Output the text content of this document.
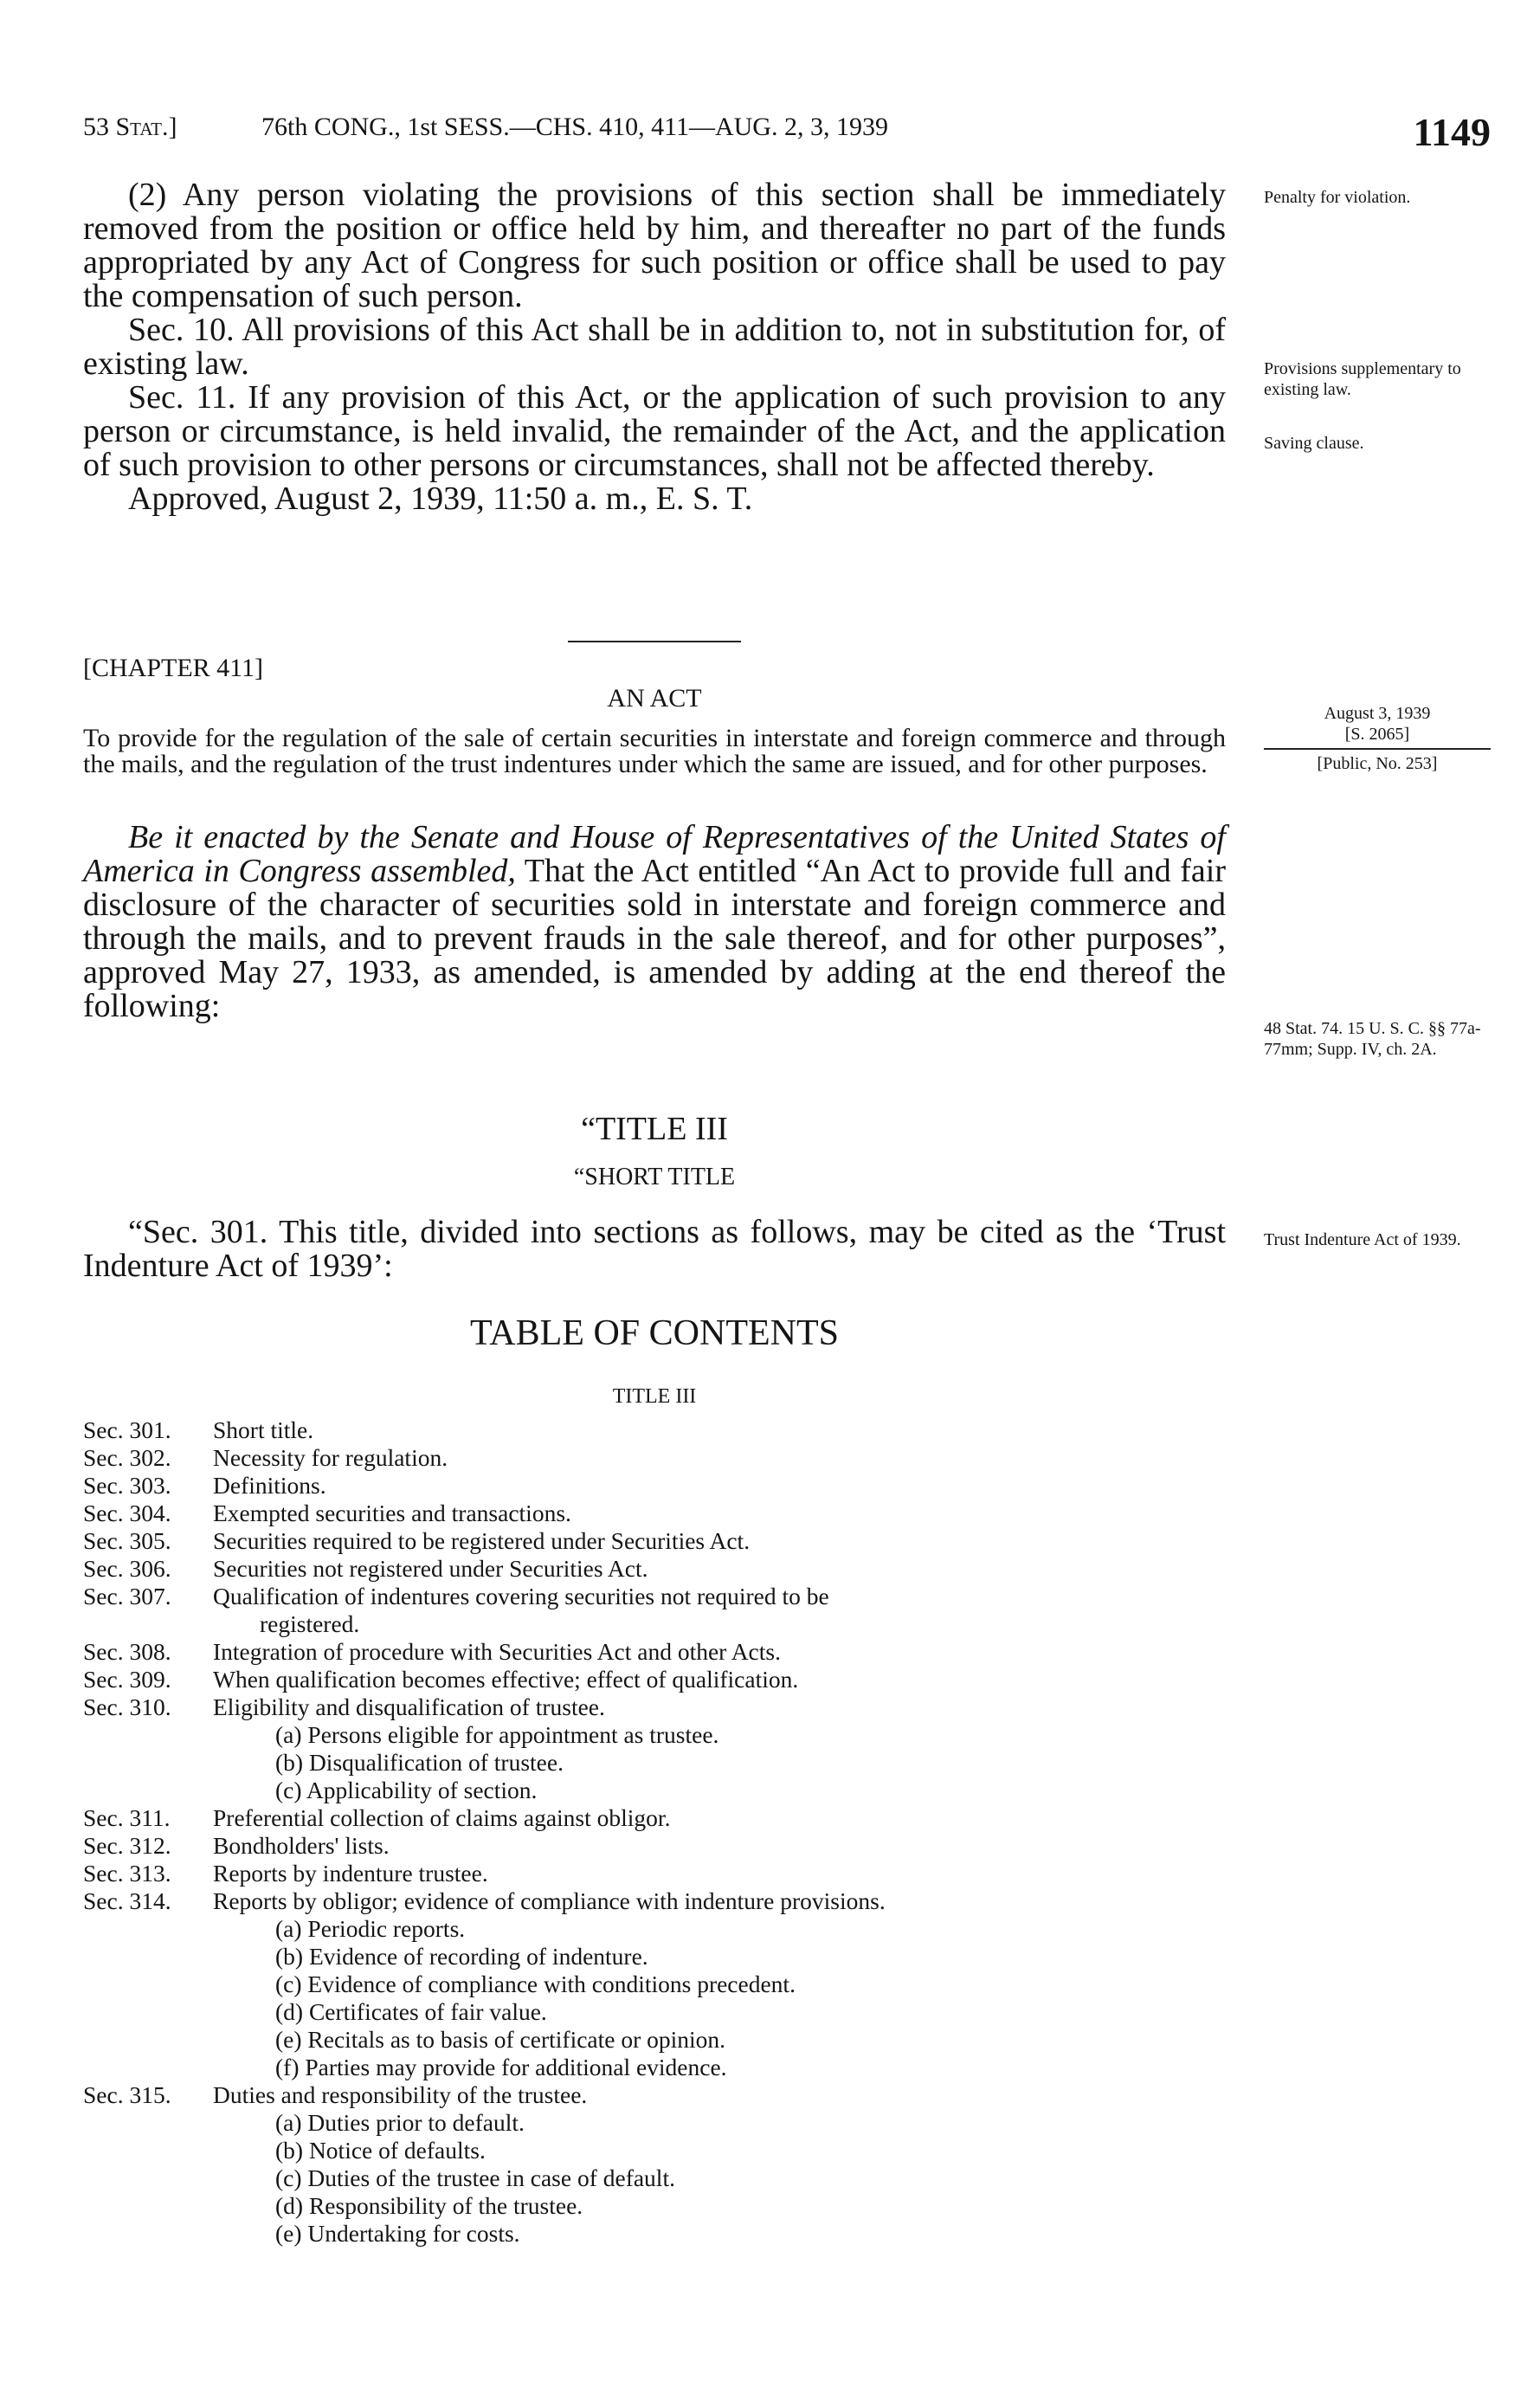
53 Stat.]	76th CONG., 1st SESS.—CHS. 410, 411—AUG. 2, 3, 1939	1149

(2) Any person violating the provisions of this section shall be immediately removed from the position or office held by him, and thereafter no part of the funds appropriated by any Act of Congress for such position or office shall be used to pay the compensation of such person.

Sec. 10. All provisions of this Act shall be in addition to, not in substitution for, of existing law.

Sec. 11. If any provision of this Act, or the application of such provision to any person or circumstance, is held invalid, the remainder of the Act, and the application of such provision to other persons or circumstances, shall not be affected thereby.

Approved, August 2, 1939, 11:50 a. m., E. S. T.

[CHAPTER 411]
AN ACT
To provide for the regulation of the sale of certain securities in interstate and foreign commerce and through the mails, and the regulation of the trust indentures under which the same are issued, and for other purposes.

Be it enacted by the Senate and House of Representatives of the United States of America in Congress assembled, That the Act entitled “An Act to provide full and fair disclosure of the character of securities sold in interstate and foreign commerce and through the mails, and to prevent frauds in the sale thereof, and for other purposes”, approved May 27, 1933, as amended, is amended by adding at the end thereof the following:

“TITLE III
“SHORT TITLE

“Sec. 301. This title, divided into sections as follows, may be cited as the ‘Trust Indenture Act of 1939’:

TABLE OF CONTENTS
TITLE III
Sec. 301.	Short title.
Sec. 302.	Necessity for regulation.
Sec. 303.	Definitions.
Sec. 304.	Exempted securities and transactions.
Sec. 305.	Securities required to be registered under Securities Act.
Sec. 306.	Securities not registered under Securities Act.
Sec. 307.	Qualification of indentures covering securities not required to be
registered.
Sec. 308.	Integration of procedure with Securities Act and other Acts.
Sec. 309.	When qualification becomes effective; effect of qualification.
Sec. 310.	Eligibility and disqualification of trustee.
(a) Persons eligible for appointment as trustee.
(b) Disqualification of trustee.
(c) Applicability of section.
Sec. 311.	Preferential collection of claims against obligor.
Sec. 312.	Bondholders' lists.
Sec. 313.	Reports by indenture trustee.
Sec. 314.	Reports by obligor; evidence of compliance with indenture provisions.
(a) Periodic reports.
(b) Evidence of recording of indenture.
(c) Evidence of compliance with conditions precedent.
(d) Certificates of fair value.
(e) Recitals as to basis of certificate or opinion.
(f) Parties may provide for additional evidence.
Sec. 315.	Duties and responsibility of the trustee.
(a) Duties prior to default.
(b) Notice of defaults.
(c) Duties of the trustee in case of default.
(d) Responsibility of the trustee.
(e) Undertaking for costs.
Penalty for violation.
Provisions supplementary to existing law.
Saving clause.
August 3, 1939
[S. 2065]
[Public, No. 253]
48 Stat. 74. 15 U. S. C. §§ 77a-77mm; Supp. IV, ch. 2A.
Trust Indenture Act of 1939.
